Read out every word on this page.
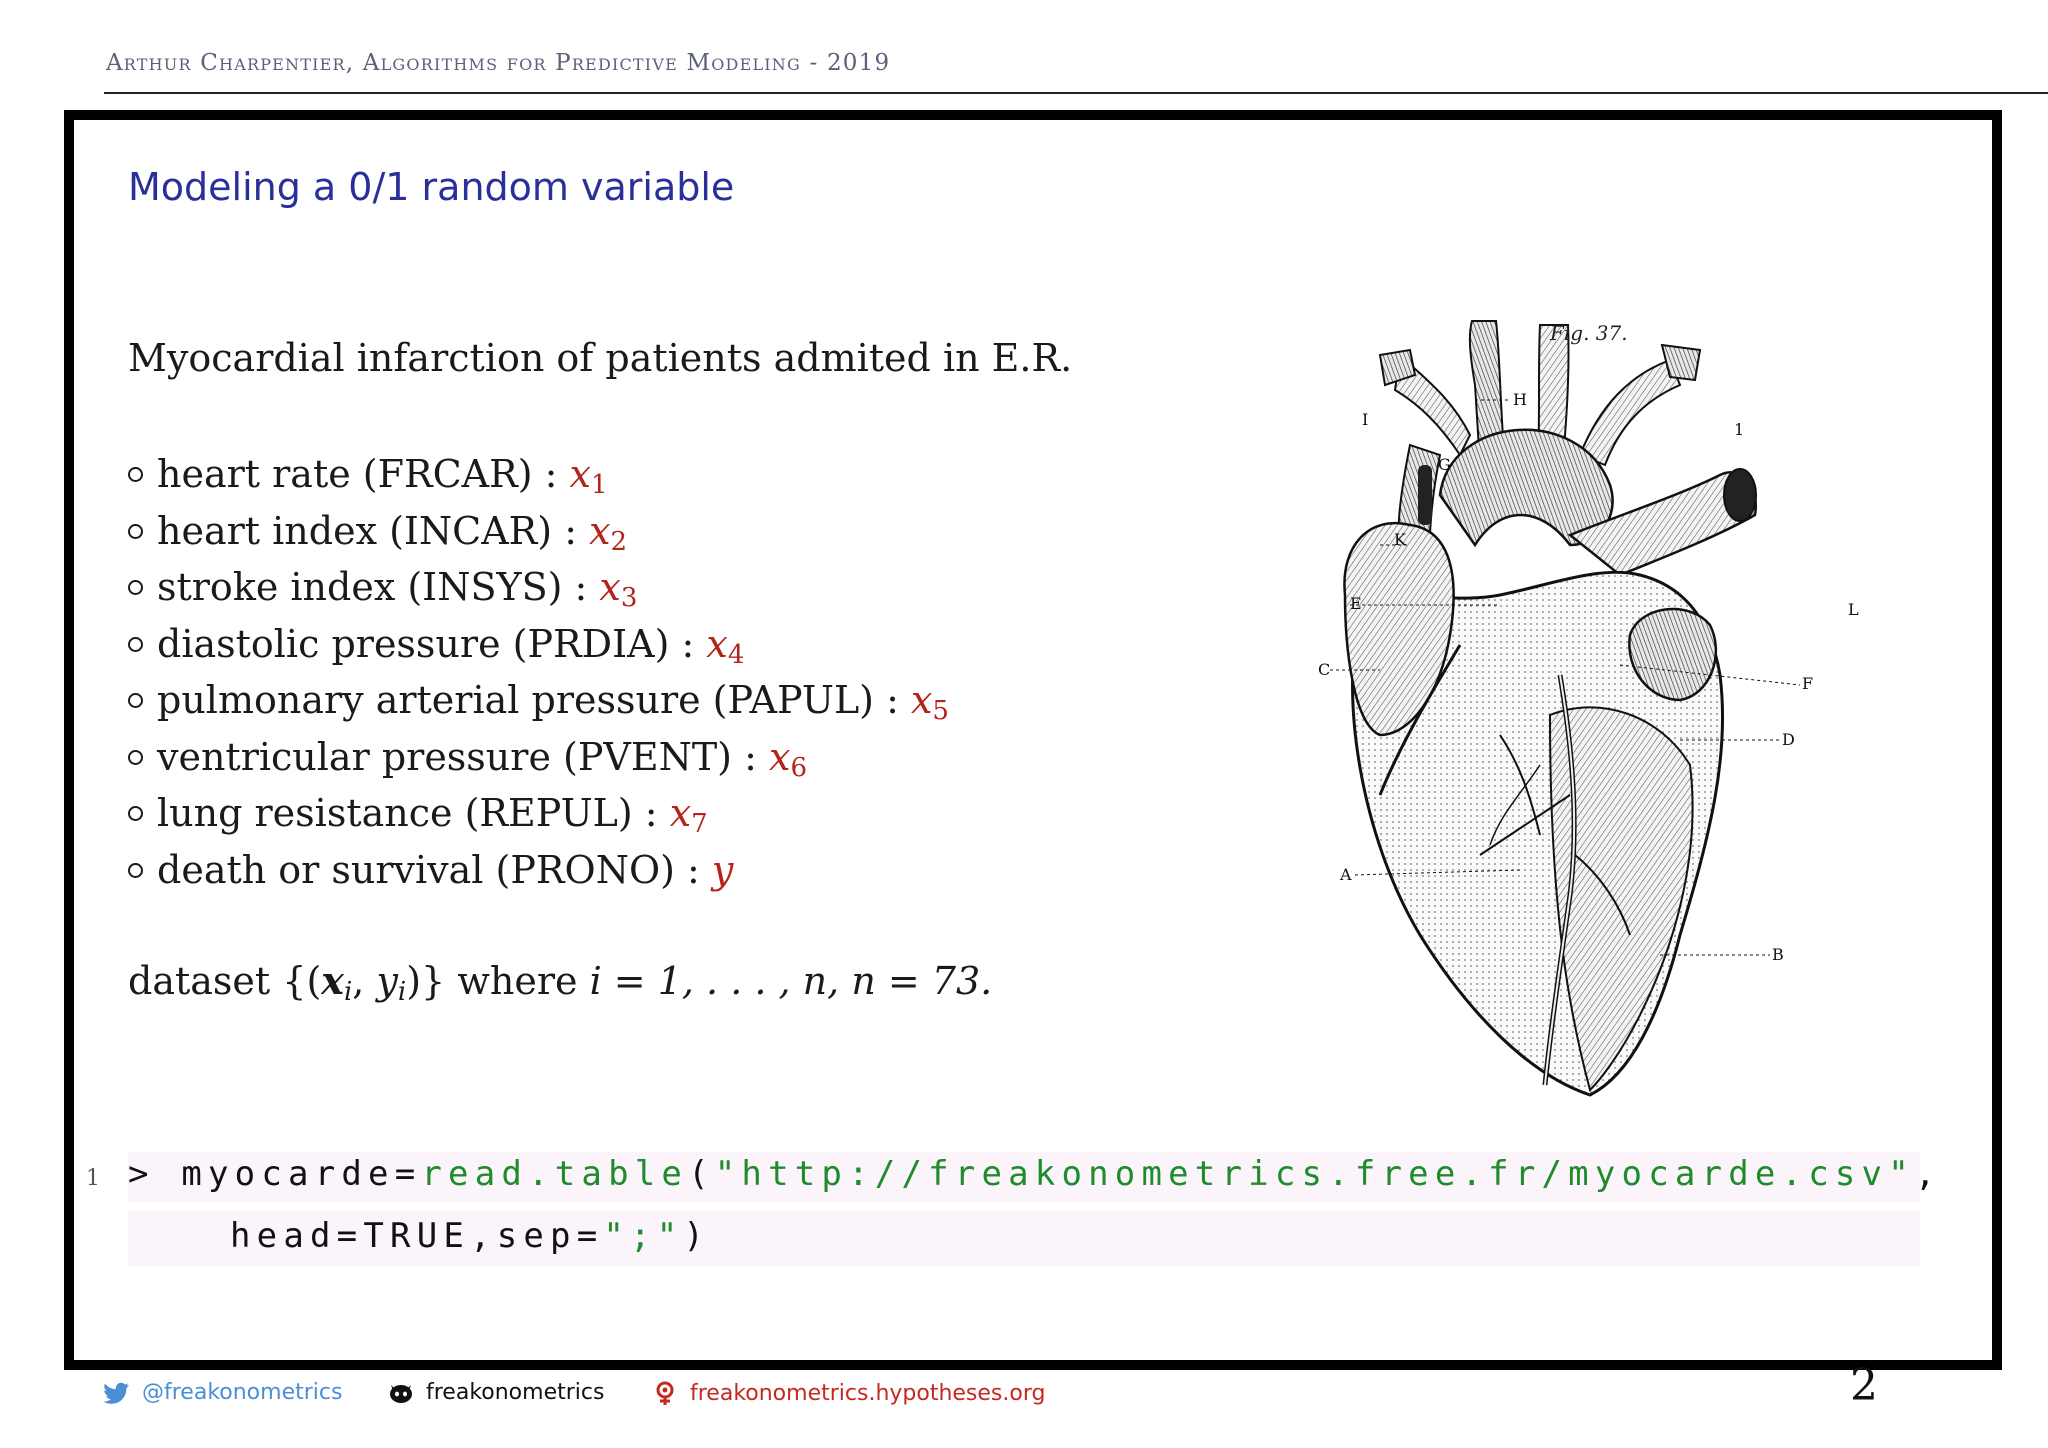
Arthur Charpentier, Algorithms for Predictive Modeling - 2019
Modeling a 0/1 random variable
Myocardial infarction of patients admited in E.R.
heart rate (FRCAR) : $x_1$
heart index (INCAR) : $x_2$
stroke index (INSYS) : $x_3$
diastolic pressure (PRDIA) : $x_4$
pulmonary arterial pressure (PAPUL) : $x_5$
ventricular pressure (PVENT) : $x_6$
lung resistance (REPUL) : $x_7$
death or survival (PRONO) : y
dataset {($x_i$, $y_i$)} where i = 1, . . . , n, n = 73.
Fig. 37.
H
I
1
G
K
E	L
C
F
D
A
B
1 > myocarde=read.table("http://freakonometrics.free.fr/myocarde.csv",
head=TRUE,sep=";")
@freakonometrics	freakonometrics	freakonometrics.hypotheses.org	2
